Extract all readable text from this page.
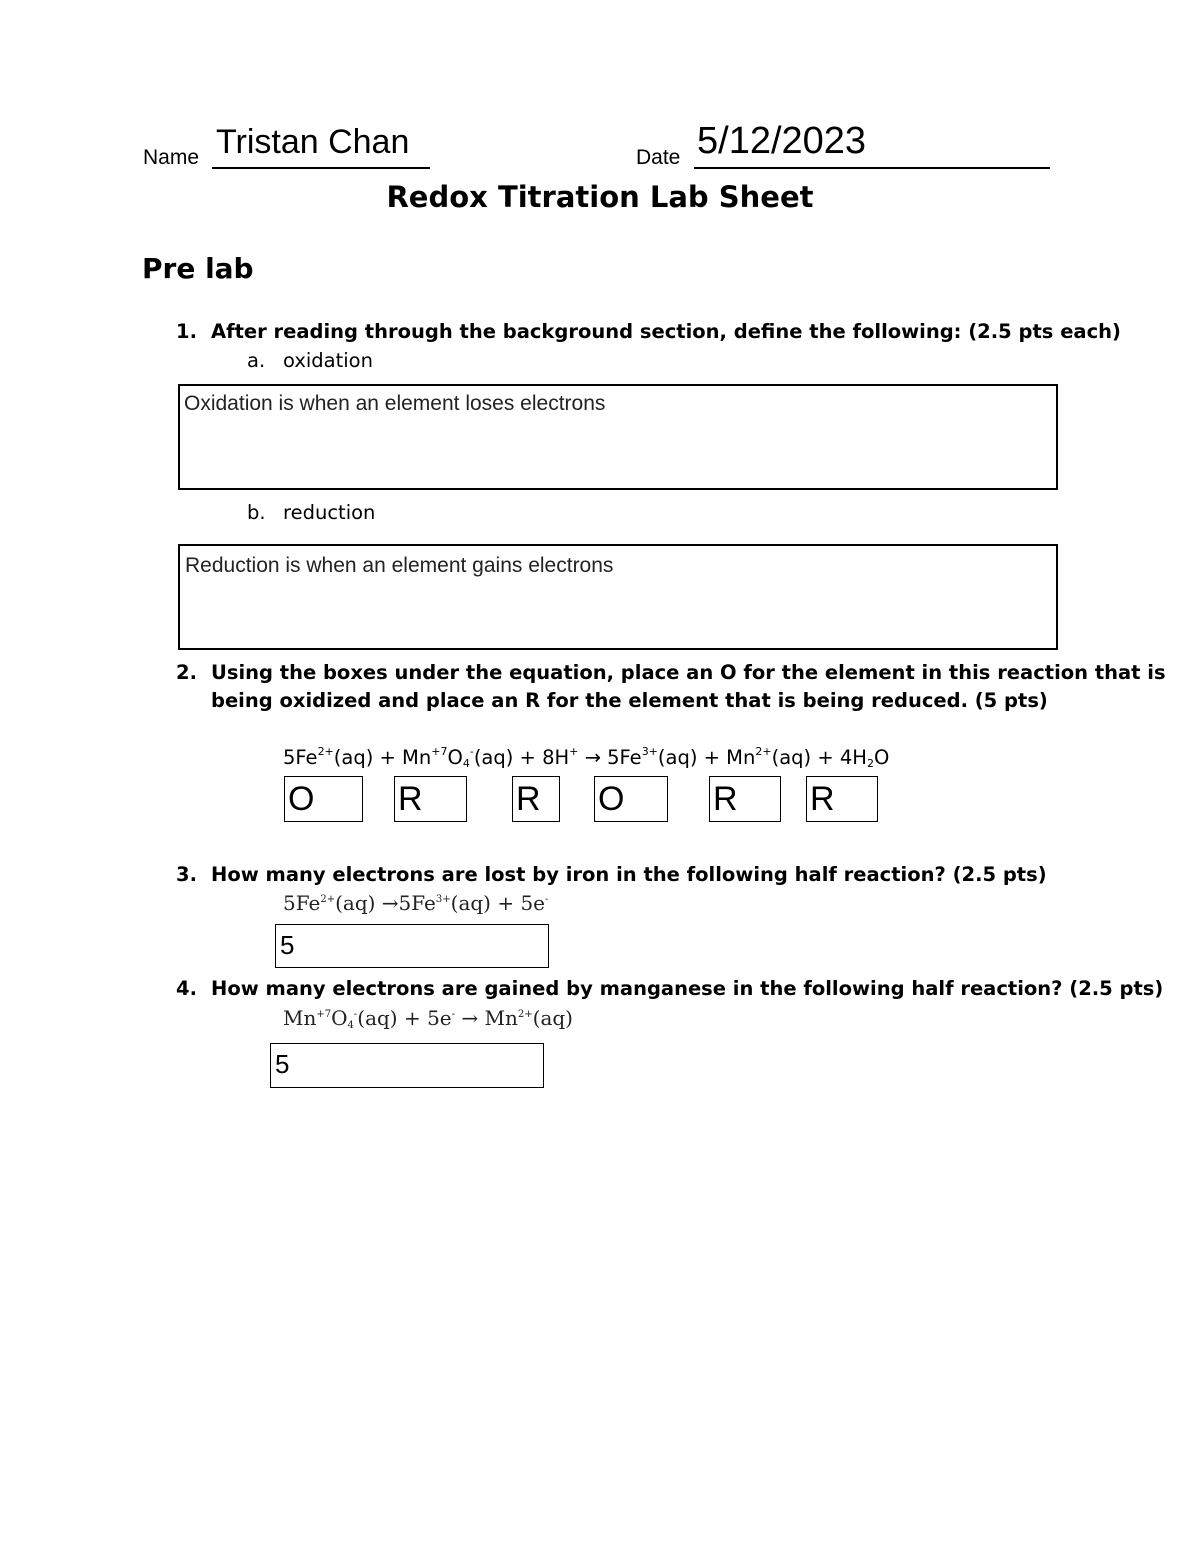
Name Tristan Chan	Date 5/12/2023
Redox Titration Lab Sheet
Pre lab
1. After reading through the background section, define the following: (2.5 pts each)
a. oxidation
Oxidation is when an element loses electrons
b. reduction
Reduction is when an element gains electrons
2. Using the boxes under the equation, place an O for the element in this reaction that is
being oxidized and place an R for the element that is being reduced. (5 pts)
$5Fe^{2+}(aq) + Mn^{+7}O_4^-(aq) + 8H^+ \to 5Fe^{3+}(aq) + Mn^{2+}(aq) + 4H_2O$
O	R	R	O	R	R
3. How many electrons are lost by iron in the following half reaction? (2.5 pts)
$5Fe^{2+}(aq) \to 5Fe^{3+}(aq) + 5e^-$
5
4. How many electrons are gained by manganese in the following half reaction? (2.5 pts)
$Mn^{+7}O_4^-(aq) + 5e^- \to Mn^{2+}(aq)$
5
